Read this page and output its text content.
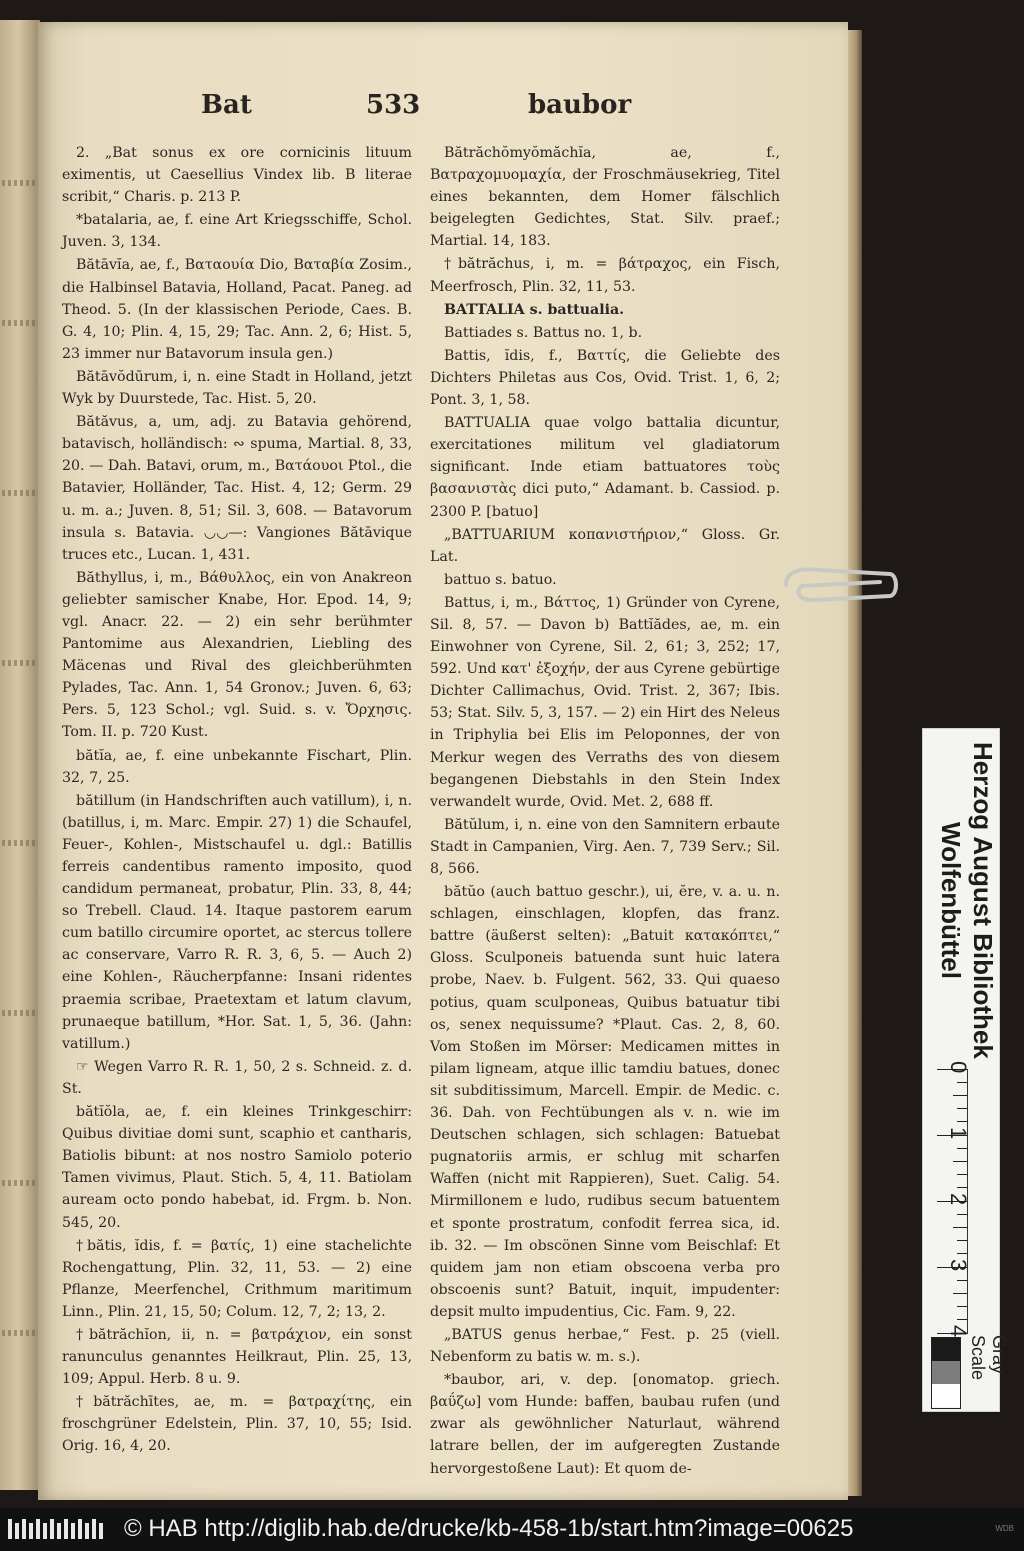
Bat	533	baubor

2. „Bat sonus ex ore cornicinis lituum eximentis, ut Caesellius Vindex lib. B literae scribit,“ Charis. p. 213 P.

*batalaria, ae, f. eine Art Kriegsschiffe, Schol. Juven. 3, 134.

Bătāvĭa, ae, f., Βαταουία Dio, Βαταβία Zosim., die Halbinsel Batavia, Holland, Pacat. Paneg. ad Theod. 5. (In der klassischen Periode, Caes. B. G. 4, 10; Plin. 4, 15, 29; Tac. Ann. 2, 6; Hist. 5, 23 immer nur Batavorum insula gen.)

Bătāvŏdūrum, i, n. eine Stadt in Holland, jetzt Wyk by Duurstede, Tac. Hist. 5, 20.

Bătăvus, a, um, adj. zu Batavia gehörend, batavisch, holländisch: ∾ spuma, Martial. 8, 33, 20. — Dah. Batavi, orum, m., Βατάουοι Ptol., die Batavier, Holländer, Tac. Hist. 4, 12; Germ. 29 u. m. a.; Juven. 8, 51; Sil. 3, 608. — Batavorum insula s. Batavia. ◡◡—: Vangiones Bătāvique truces etc., Lucan. 1, 431.

Băthyllus, i, m., Βάθυλλος, ein von Anakreon geliebter samischer Knabe, Hor. Epod. 14, 9; vgl. Anacr. 22. — 2) ein sehr berühmter Pantomime aus Alexandrien, Liebling des Mäcenas und Rival des gleichberühmten Pylades, Tac. Ann. 1, 54 Gronov.; Juven. 6, 63; Pers. 5, 123 Schol.; vgl. Suid. s. v. Ὄρχησις. Tom. II. p. 720 Kust.

bătĭa, ae, f. eine unbekannte Fischart, Plin. 32, 7, 25.

bătillum (in Handschriften auch vatillum), i, n. (batillus, i, m. Marc. Empir. 27) 1) die Schaufel, Feuer-, Kohlen-, Mistschaufel u. dgl.: Batillis ferreis candentibus ramento imposito, quod candidum permaneat, probatur, Plin. 33, 8, 44; so Trebell. Claud. 14. Itaque pastorem earum cum batillo circumire oportet, ac stercus tollere ac conservare, Varro R. R. 3, 6, 5. — Auch 2) eine Kohlen-, Räucherpfanne: Insani ridentes praemia scribae, Praetextam et latum clavum, prunaeque batillum, *Hor. Sat. 1, 5, 36. (Jahn: vatillum.)

☞ Wegen Varro R. R. 1, 50, 2 s. Schneid. z. d. St.

bătĭŏla, ae, f. ein kleines Trinkgeschirr: Quibus divitiae domi sunt, scaphio et cantharis, Batiolis bibunt: at nos nostro Samiolo poterio Tamen vivimus, Plaut. Stich. 5, 4, 11. Batiolam auream octo pondo habebat, id. Frgm. b. Non. 545, 20.

†bătis, ĭdis, f. = βατίς, 1) eine stachelichte Rochengattung, Plin. 32, 11, 53. — 2) eine Pflanze, Meerfenchel, Crithmum maritimum Linn., Plin. 21, 15, 50; Colum. 12, 7, 2; 13, 2.

†bătrăchĭon, ii, n. = βατράχιον, ein sonst ranunculus genanntes Heilkraut, Plin. 25, 13, 109; Appul. Herb. 8 u. 9.

†bătrăchītes, ae, m. = βατραχίτης, ein froschgrüner Edelstein, Plin. 37, 10, 55; Isid. Orig. 16, 4, 20.

Bătrăchŏmyŏmăchĭa, ae, f., Βατραχομυομαχία, der Froschmäusekrieg, Titel eines bekannten, dem Homer fälschlich beigelegten Gedichtes, Stat. Silv. praef.; Martial. 14, 183.

†bătrăchus, i, m. = βάτραχος, ein Fisch, Meerfrosch, Plin. 32, 11, 53.

BATTALIA s. battualia.

Battiades s. Battus no. 1, b.

Battis, ĭdis, f., Βαττίς, die Geliebte des Dichters Philetas aus Cos, Ovid. Trist. 1, 6, 2; Pont. 3, 1, 58.

BATTUALIA quae volgo battalia dicuntur, exercitationes militum vel gladiatorum significant. Inde etiam battuatores τοὺς βασανιστὰς dici puto,“ Adamant. b. Cassiod. p. 2300 P. [batuo]

„BATTUARIUM κοπανιστήριον,“ Gloss. Gr. Lat.

battuo s. batuo.

Battus, i, m., Βάττος, 1) Gründer von Cyrene, Sil. 8, 57. — Davon b) Battĭădes, ae, m. ein Einwohner von Cyrene, Sil. 2, 61; 3, 252; 17, 592. Und κατ' ἐξοχήν, der aus Cyrene gebürtige Dichter Callimachus, Ovid. Trist. 2, 367; Ibis. 53; Stat. Silv. 5, 3, 157. — 2) ein Hirt des Neleus in Triphylia bei Elis im Peloponnes, der von Merkur wegen des Verraths des von diesem begangenen Diebstahls in den Stein Index verwandelt wurde, Ovid. Met. 2, 688 ff.

Bătŭlum, i, n. eine von den Samnitern erbaute Stadt in Campanien, Virg. Aen. 7, 739 Serv.; Sil. 8, 566.

bătŭo (auch battuo geschr.), ui, ĕre, v. a. u. n. schlagen, einschlagen, klopfen, das franz. battre (äußerst selten): „Batuit κατακόπτει,“ Gloss. Sculponeis batuenda sunt huic latera probe, Naev. b. Fulgent. 562, 33. Qui quaeso potius, quam sculponeas, Quibus batuatur tibi os, senex nequissume? *Plaut. Cas. 2, 8, 60. Vom Stoßen im Mörser: Medicamen mittes in pilam ligneam, atque illic tamdiu batues, donec sit subditissimum, Marcell. Empir. de Medic. c. 36. Dah. von Fechtübungen als v. n. wie im Deutschen schlagen, sich schlagen: Batuebat pugnatoriis armis, er schlug mit scharfen Waffen (nicht mit Rappieren), Suet. Calig. 54. Mirmillonem e ludo, rudibus secum batuentem et sponte prostratum, confodit ferrea sica, id. ib. 32. — Im obscönen Sinne vom Beischlaf: Et quidem jam non etiam obscoena verba pro obscoenis sunt? Batuit, inquit, impudenter: depsit multo impudentius, Cic. Fam. 9, 22.

„BATUS genus herbae,“ Fest. p. 25 (viell. Nebenform zu batis w. m. s.).

*baubor, ari, v. dep. [onomatop. griech. βαΰζω] vom Hunde: baffen, baubau rufen (und zwar als gewöhnlicher Naturlaut, während latrare bellen, der im aufgeregten Zustande hervorgestoßene Laut): Et quom de-

Herzog August Bibliothek Wolfenbüttel
0
1
2
3
4
Gray Scale
© HAB http://diglib.hab.de/drucke/kb-458-1b/start.htm?image=00625	WDB
